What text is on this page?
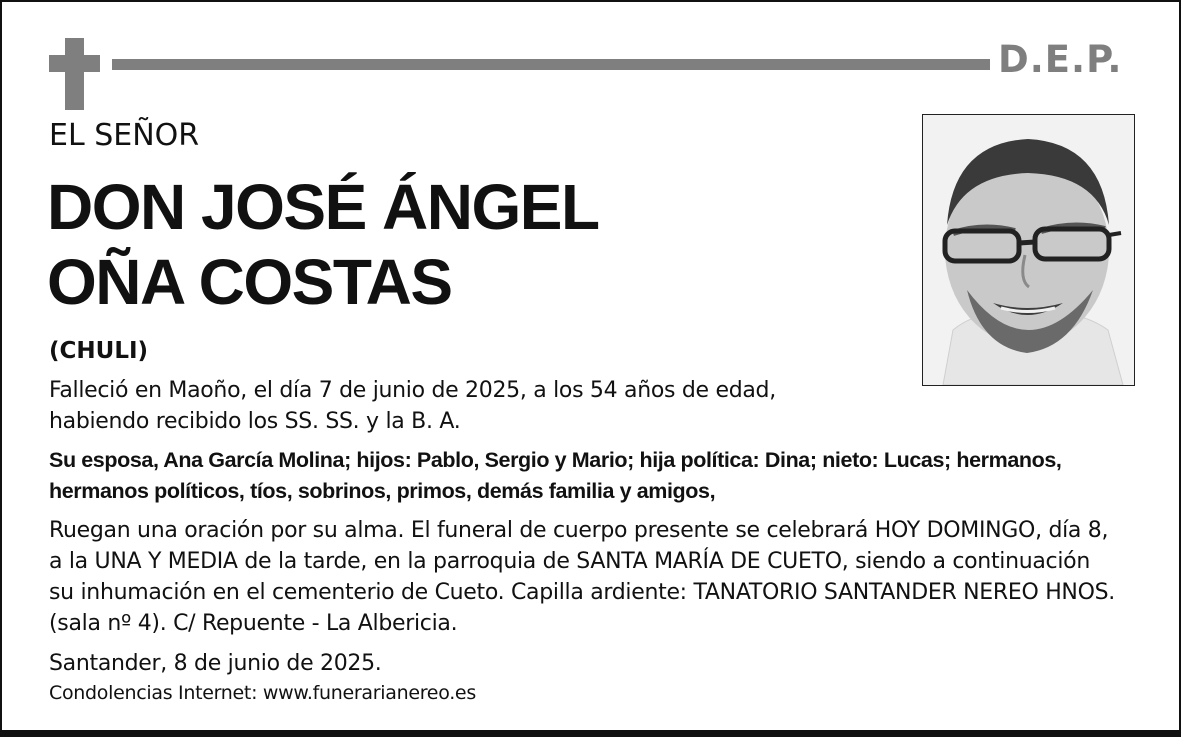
D.E.P.
EL SEÑOR
DON JOSÉ ÁNGEL
OÑA COSTAS
(CHULI)

Falleció en Maoño, el día 7 de junio de 2025, a los 54 años de edad,
habiendo recibido los SS. SS. y la B. A.

Su esposa, Ana García Molina; hijos: Pablo, Sergio y Mario; hija política: Dina; nieto: Lucas; hermanos,
hermanos políticos, tíos, sobrinos, primos, demás familia y amigos,

Ruegan una oración por su alma. El funeral de cuerpo presente se celebrará HOY DOMINGO, día 8,
a la UNA Y MEDIA de la tarde, en la parroquia de SANTA MARÍA DE CUETO, siendo a continuación
su inhumación en el cementerio de Cueto. Capilla ardiente: TANATORIO SANTANDER NEREO HNOS.
(sala nº 4). C/ Repuente - La Albericia.

Santander, 8 de junio de 2025.

Condolencias Internet: www.funerarianereo.es
